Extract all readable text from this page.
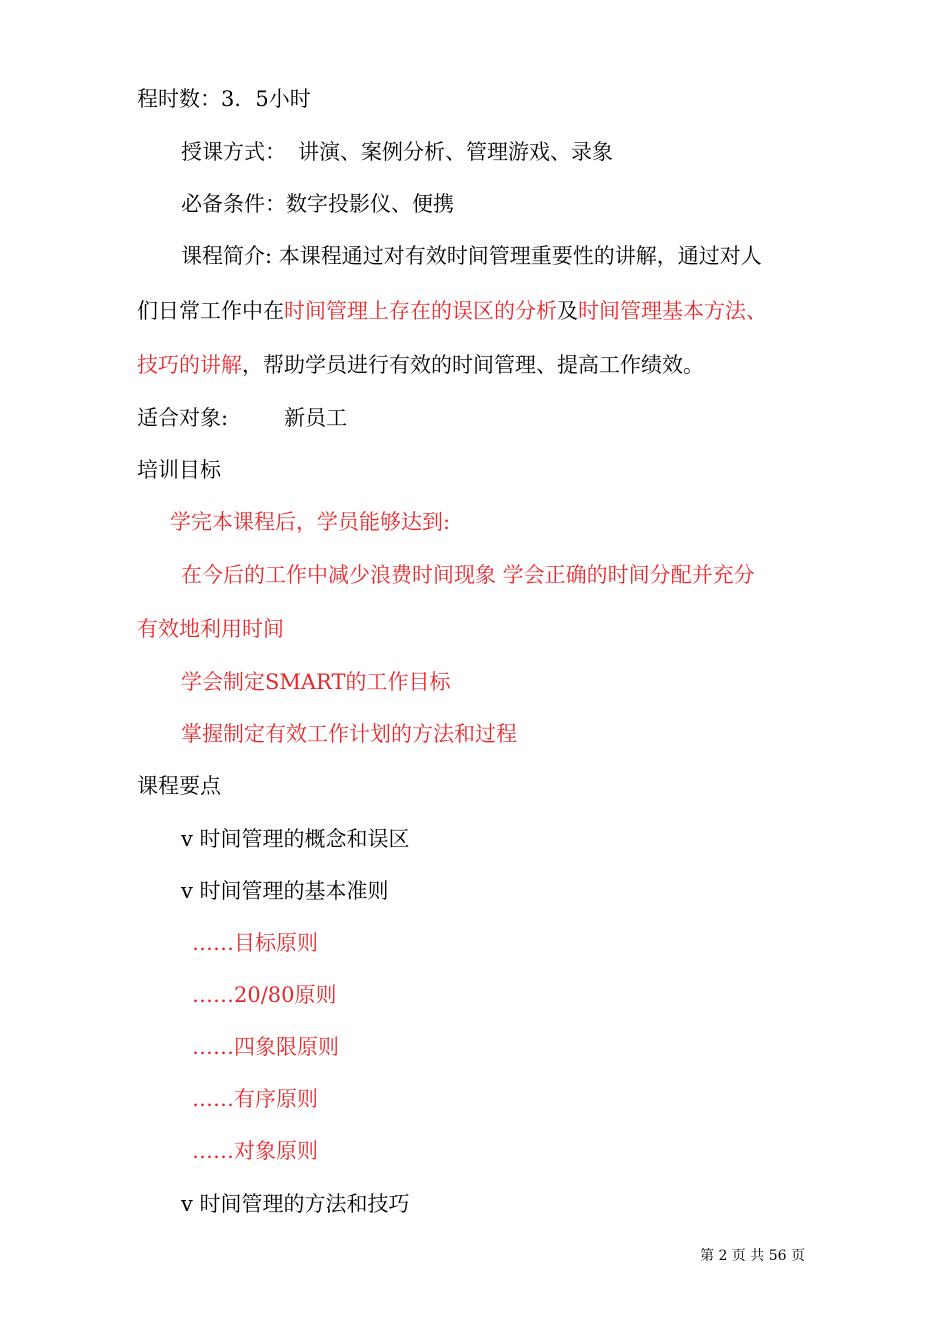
程时数：3．5小时
授课方式： 讲演、案例分析、管理游戏、录象
必备条件：数字投影仪、便携
课程简介: 本课程通过对有效时间管理重要性的讲解，通过对人
们日常工作中在时间管理上存在的误区的分析及时间管理基本方法、
技巧的讲解，帮助学员进行有效的时间管理、提高工作绩效。
适合对象:	新员工
培训目标
学完本课程后，学员能够达到:
在今后的工作中减少浪费时间现象 学会正确的时间分配并充分
有效地利用时间
学会制定SMART的工作目标
掌握制定有效工作计划的方法和过程
课程要点
v 时间管理的概念和误区
v 时间管理的基本准则
……目标原则
……20/80原则
……四象限原则
……有序原则
……对象原则
v 时间管理的方法和技巧
第 2 页 共 56 页
